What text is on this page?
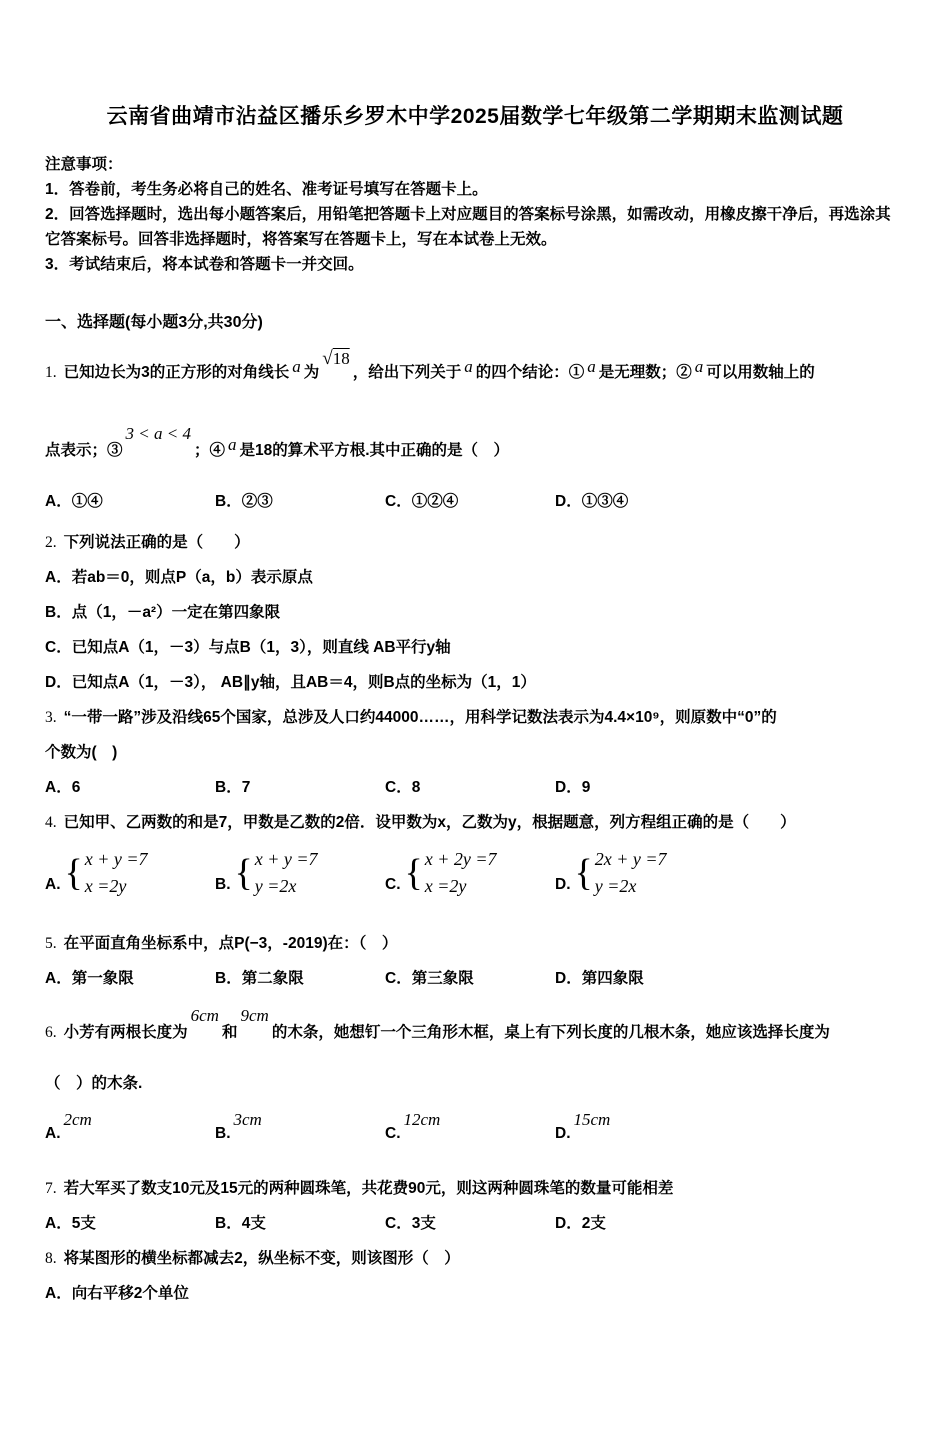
云南省曲靖市沾益区播乐乡罗木中学2025届数学七年级第二学期期末监测试题
注意事项：
1．答卷前，考生务必将自己的姓名、准考证号填写在答题卡上。
2．回答选择题时，选出每小题答案后，用铅笔把答题卡上对应题目的答案标号涂黑，如需改动，用橡皮擦干净后，再选涂其它答案标号。回答非选择题时，将答案写在答题卡上，写在本试卷上无效。
3．考试结束后，将本试卷和答题卡一并交回。
一、选择题(每小题3分,共30分)
1. 已知边长为3的正方形的对角线长 a 为√18，给出下列关于 a 的四个结论：① a 是无理数；② a 可以用数轴上的
点表示；③3 < a < 4；④ a 是18的算术平方根.其中正确的是（　）
A．①④	B．②③	C．①②④	D．①③④
2. 下列说法正确的是（　　）
A．若ab＝0，则点P（a，b）表示原点
B．点（1，－a²）一定在第四象限
C．已知点A（1，－3）与点B（1，3），则直线 AB平行y轴
D．已知点A（1，－3）， AB∥y轴，且AB＝4，则B点的坐标为（1，1）
3. “一带一路”涉及沿线65个国家，总涉及人口约44000……，用科学记数法表示为4.4×10⁹，则原数中“0”的
个数为(　)
A．6	B．7	C．8	D．9
4. 已知甲、乙两数的和是7，甲数是乙数的2倍．设甲数为x，乙数为y，根据题意，列方程组正确的是（　　）
A. { x + y =7
x =2y	B. { x + y =7
y =2x	C. { x + 2y =7
x =2y	D. { 2x + y =7
y =2x
5. 在平面直角坐标系中，点P(−3，-2019)在：（　）
A．第一象限	B．第二象限	C．第三象限	D．第四象限
6. 小芳有两根长度为6cm和9cm的木条，她想钉一个三角形木框，桌上有下列长度的几根木条，她应该选择长度为
（　）的木条.
A.2cm
B.3cm
C.12cm
D.15cm
7. 若大军买了数支10元及15元的两种圆珠笔，共花费90元，则这两种圆珠笔的数量可能相差
A．5支	B．4支	C．3支	D．2支
8. 将某图形的横坐标都减去2，纵坐标不变，则该图形（　）
A．向右平移2个单位
